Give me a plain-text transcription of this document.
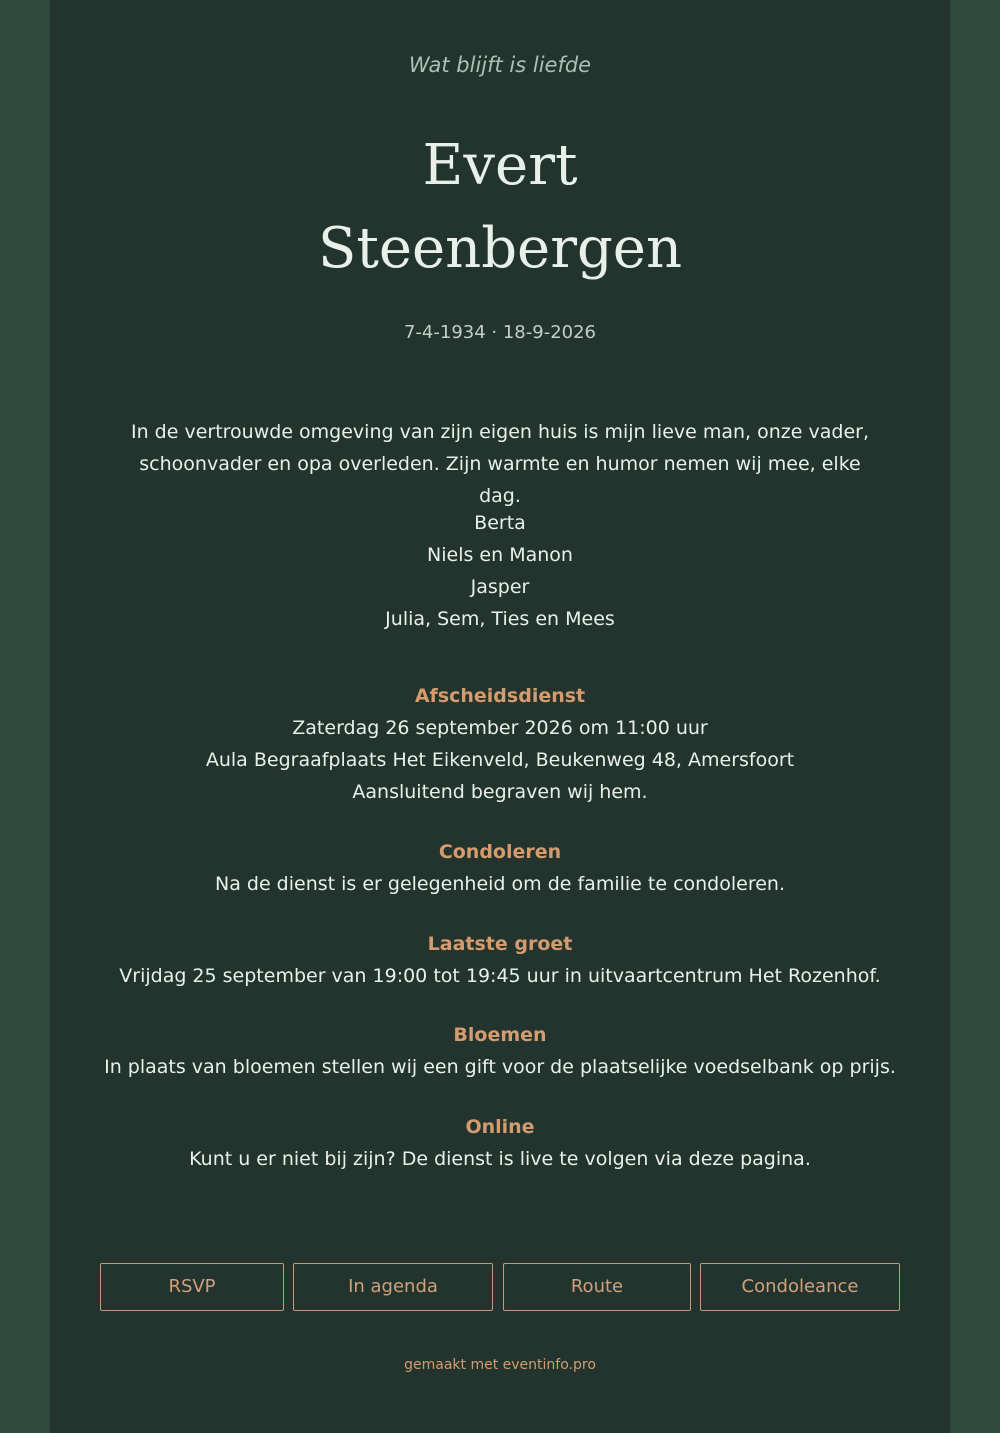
Wat blijft is liefde
Evert
Steenbergen
7-4-1934 · 18-9-2026
In de vertrouwde omgeving van zijn eigen huis is mijn lieve man, onze vader,
schoonvader en opa overleden. Zijn warmte en humor nemen wij mee, elke dag.
Berta
Niels en Manon
Jasper
Julia, Sem, Ties en Mees
Afscheidsdienst
Zaterdag 26 september 2026 om 11:00 uur
Aula Begraafplaats Het Eikenveld, Beukenweg 48, Amersfoort
Aansluitend begraven wij hem.
Condoleren
Na de dienst is er gelegenheid om de familie te condoleren.
Laatste groet
Vrijdag 25 september van 19:00 tot 19:45 uur in uitvaartcentrum Het Rozenhof.
Bloemen
In plaats van bloemen stellen wij een gift voor de plaatselijke voedselbank op prijs.
Online
Kunt u er niet bij zijn? De dienst is live te volgen via deze pagina.
RSVP	In agenda	Route	Condoleance
gemaakt met eventinfo.pro
